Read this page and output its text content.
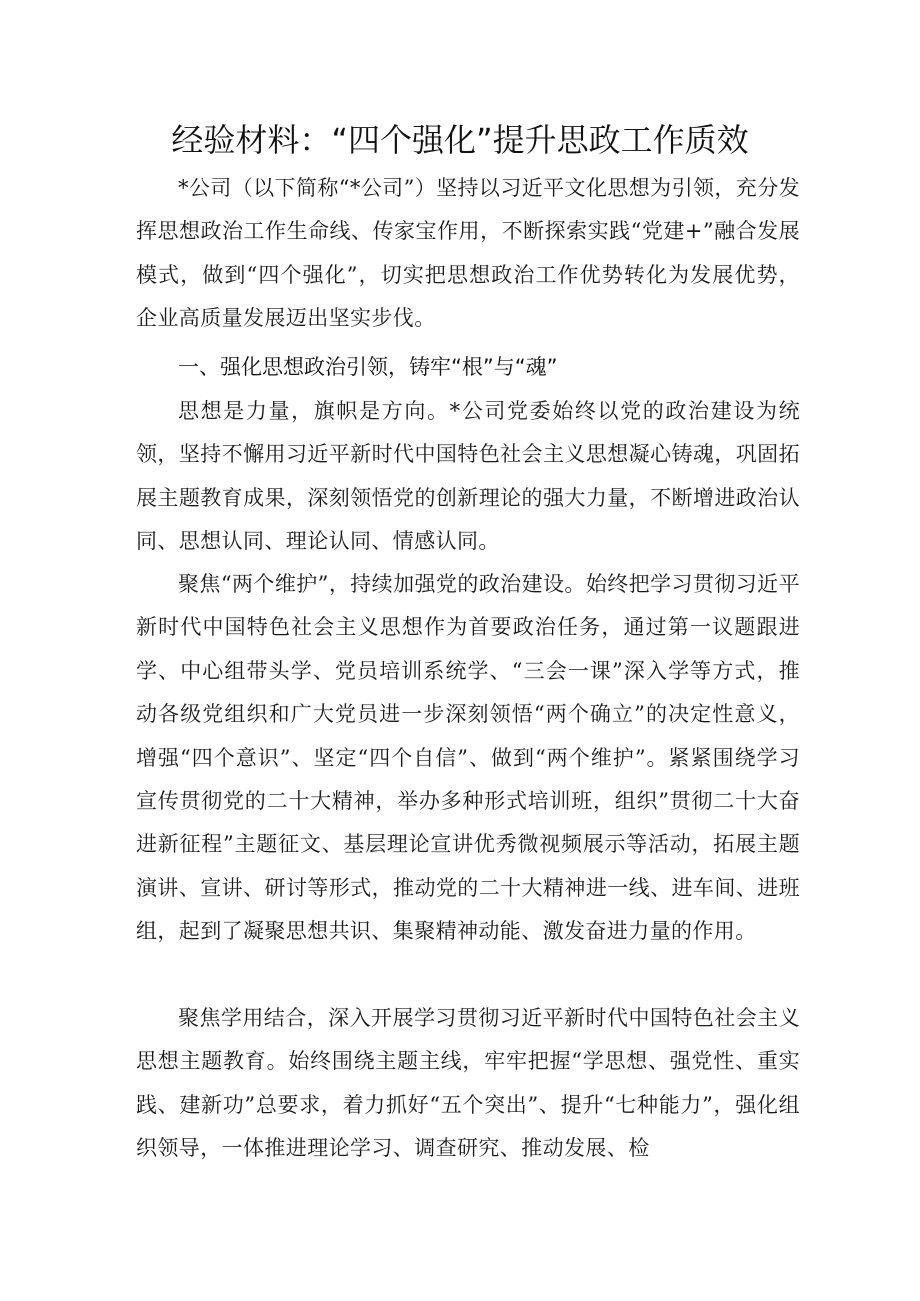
经验材料：“四个强化”提升思政工作质效

*公司（以下简称“*公司”）坚持以习近平文化思想为引领，充分发挥思想政治工作生命线、传家宝作用，不断探索实践“党建+”融合发展模式，做到“四个强化”，切实把思想政治工作优势转化为发展优势，企业高质量发展迈出坚实步伐。

一、强化思想政治引领，铸牢“根”与“魂”

思想是力量，旗帜是方向。*公司党委始终以党的政治建设为统领，坚持不懈用习近平新时代中国特色社会主义思想凝心铸魂，巩固拓展主题教育成果，深刻领悟党的创新理论的强大力量，不断增进政治认同、思想认同、理论认同、情感认同。

聚焦“两个维护”，持续加强党的政治建设。始终把学习贯彻习近平新时代中国特色社会主义思想作为首要政治任务，通过第一议题跟进学、中心组带头学、党员培训系统学、“三会一课”深入学等方式，推动各级党组织和广大党员进一步深刻领悟“两个确立”的决定性意义，增强“四个意识”、坚定“四个自信”、做到“两个维护”。紧紧围绕学习宣传贯彻党的二十大精神，举办多种形式培训班，组织”贯彻二十大奋进新征程”主题征文、基层理论宣讲优秀微视频展示等活动，拓展主题演讲、宣讲、研讨等形式，推动党的二十大精神进一线、进车间、进班组，起到了凝聚思想共识、集聚精神动能、激发奋进力量的作用。

聚焦学用结合，深入开展学习贯彻习近平新时代中国特色社会主义思想主题教育。始终围绕主题主线，牢牢把握“学思想、强党性、重实践、建新功”总要求，着力抓好“五个突出”、提升“七种能力”，强化组织领导，一体推进理论学习、调查研究、推动发展、检
